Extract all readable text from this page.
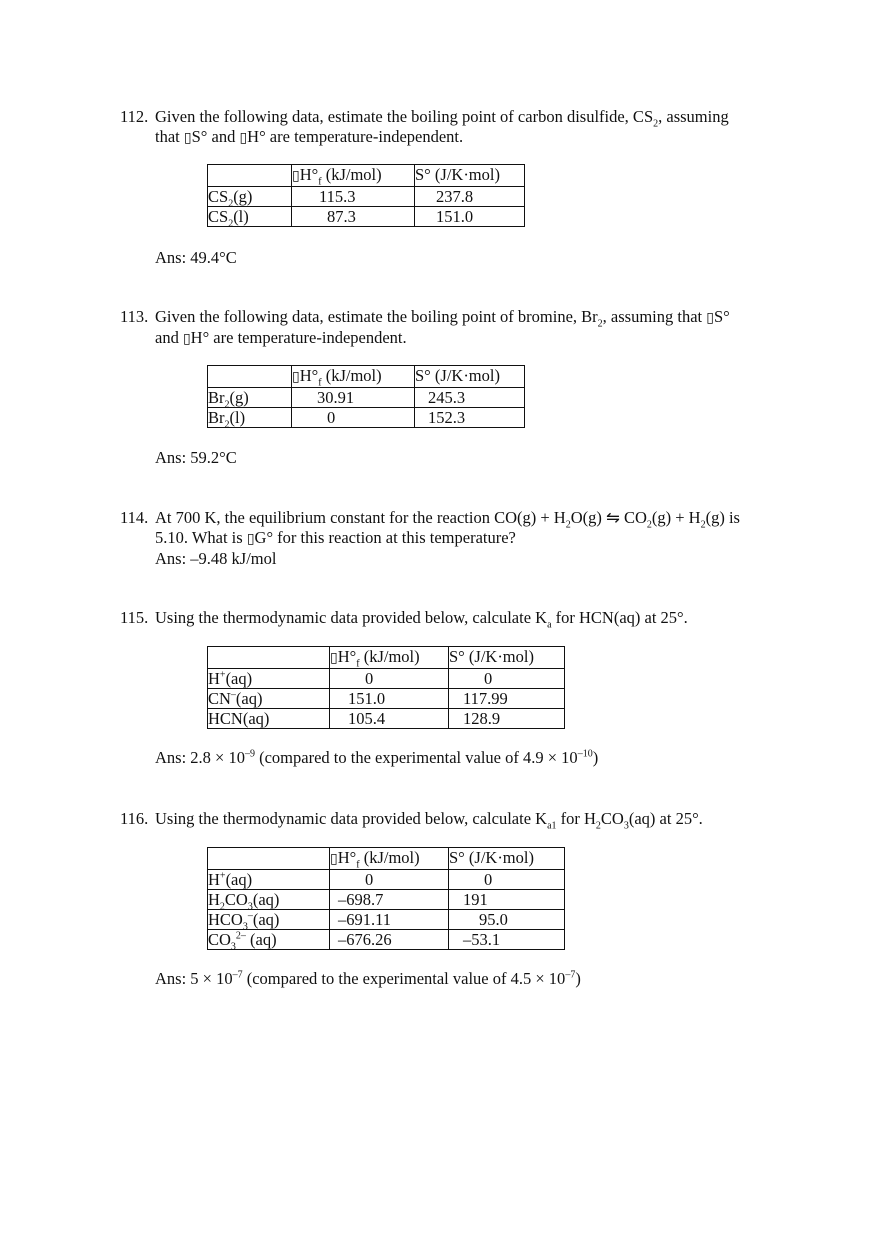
112. Given the following data, estimate the boiling point of carbon disulfide, $CS_2$, assuming
that ▯S° and ▯H° are temperature-independent.
	$▯H^\circ_f$ (kJ/mol)	S° (J/K·mol)
$CS_2(g)$	115.3	237.8
$CS_2(l)$	87.3	151.0
Ans: 49.4°C
113. Given the following data, estimate the boiling point of bromine, $Br_2$, assuming that ▯S°
and ▯H° are temperature-independent.
	$▯H^\circ_f$ (kJ/mol)	S° (J/K·mol)
$Br_2(g)$	30.91	245.3
$Br_2(l)$	0	152.3
Ans: 59.2°C
114. At 700 K, the equilibrium constant for the reaction $CO(g) + H_2O(g)$ ⇋ $CO_2(g) + H_2(g)$ is
5.10. What is ▯G° for this reaction at this temperature?
Ans: –9.48 kJ/mol
115. Using the thermodynamic data provided below, calculate $K_a$ for HCN(aq) at 25°.
	$▯H^\circ_f$ (kJ/mol)	S° (J/K·mol)
H+(aq)	0	0
CN–(aq)	151.0	117.99
HCN(aq)	105.4	128.9
Ans: $2.8 \times 10^{-9}$ (compared to the experimental value of $4.9 \times 10^{-10}$)
116. Using the thermodynamic data provided below, calculate $K_{a1}$ for $H_2CO_3(aq)$ at 25°.
	$▯H^\circ_f$ (kJ/mol)	S° (J/K·mol)
H+(aq)	0	0
$H_2CO_3(aq)$	–698.7	191
$HCO_3^-(aq)$	–691.11	95.0
$CO_3^{2-}$ (aq)	–676.26	–53.1
Ans: $5 \times 10^{-7}$ (compared to the experimental value of $4.5 \times 10^{-7}$)
